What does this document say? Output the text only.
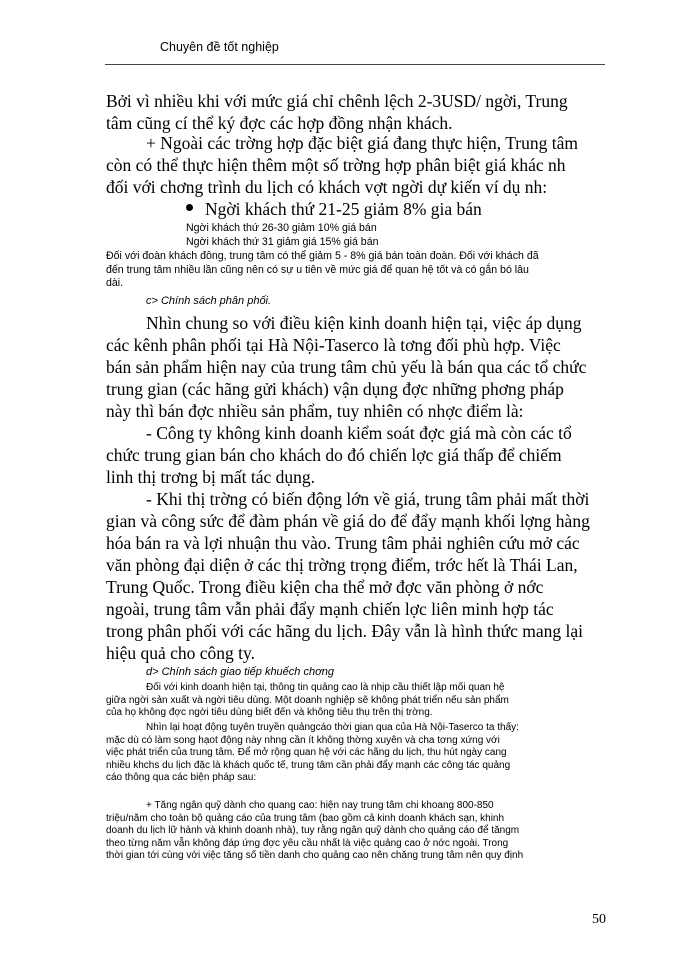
Chuyên đề tốt nghiệp
Bởi vì nhiều khi với mức giá chỉ chênh lệch 2-3USD/ ngời, Trung
tâm cũng cí thể ký đợc các hợp đồng nhận khách.
+ Ngoài các trờng hợp đặc biệt giá đang thực hiện, Trung tâm
còn có thể thực hiện thêm một số trờng hợp phân biệt giá khác nh
đối với chơng trình du lịch có khách vợt ngời dự kiến ví dụ nh:
Ngời khách thứ 21-25 giảm 8% gia bán
Ngời khách thứ 26-30 giảm 10% giá bán
Ngời khách thứ 31 giảm giá 15% giá bán
Đối với đoàn khách đông, trung tâm có thể giảm 5 - 8% giá bán toàn đoàn. Đối với khách đã
đến trung tâm nhiều lần cũng nên có sự u tiên về mức giá để quan hệ tốt và có gắn bó lâu
dài.
c> Chính sách phân phối.
Nhìn chung so với điều kiện kinh doanh hiện tại, việc áp dụng
các kênh phân phối tại Hà Nội-Taserco là tơng đối phù hợp. Việc
bán sản phẩm hiện nay của trung tâm chủ yếu là bán qua các tổ chức
trung gian (các hãng gửi khách) vận dụng đợc những phơng pháp
này thì bán đợc nhiều sản phẩm, tuy nhiên có nhợc điểm là:
- Công ty không kinh doanh kiểm soát đợc giá mà còn các tổ
chức trung gian bán cho khách do đó chiến lợc giá thấp để chiếm
linh thị trơng bị mất tác dụng.
- Khi thị trờng có biến động lớn về giá, trung tâm phải mất thời
gian và công sức để đàm phán về giá do để đẩy mạnh khối lợng hàng
hóa bán ra và lợi nhuận thu vào. Trung tâm phải nghiên cứu mở các
văn phòng đại diện ở các thị trờng trọng điểm, trớc hết là Thái Lan,
Trung Quốc. Trong điều kiện cha thể mở đợc văn phòng ở nớc
ngoài, trung tâm vẫn phải đẩy mạnh chiến lợc liên minh hợp tác
trong phân phối với các hãng du lịch. Đây vẫn là hình thức mang lại
hiệu quả cho công ty.
d> Chính sách giao tiếp khuếch chơng
Đối với kinh doanh hiện tại, thông tin quảng cao là nhịp cầu thiết lập mối quan hệ
giữa ngời sản xuất và ngời tiêu dùng. Một doanh nghiệp sẽ không phát triển nếu sản phẩm
của họ không đợc ngời tiêu dùng biết đến và không tiêu thụ trên thị trờng.
Nhìn lại hoạt động tuyên truyền quảngcáo thời gian qua của Hà Nội-Taserco ta thấy:
mặc dù có làm song hạot động này nhng cần ít không thờng xuyên và cha tơng xứng với
việc phát triển của trung tâm. Để mở rộng quan hệ với các hãng du lịch, thu hút ngày cang
nhiều khchs du lịch đặc là khách quốc tế, trung tâm cần phải đẩy mạnh các công tác quảng
cáo thông qua các biện pháp sau:
+ Tăng ngân quỹ dành cho quang cao: hiện nay trung tâm chi khoang 800-850
triệu/năm cho toàn bộ quảng cáo của trung tâm (bao gồm cả kinh doanh khách sạn, khinh
doanh du lịch lữ hành và khinh doanh nhà), tuy rằng ngân quỹ dành cho quảng cáo để tăngm
theo từng năm vẫn không đáp ứng đợc yêu cầu nhất là việc quảng cao ở nớc ngoài. Trong
thời gian tới cùng với việc tăng số tiền danh cho quảng cao nên chăng trung tâm nên quy định
50
